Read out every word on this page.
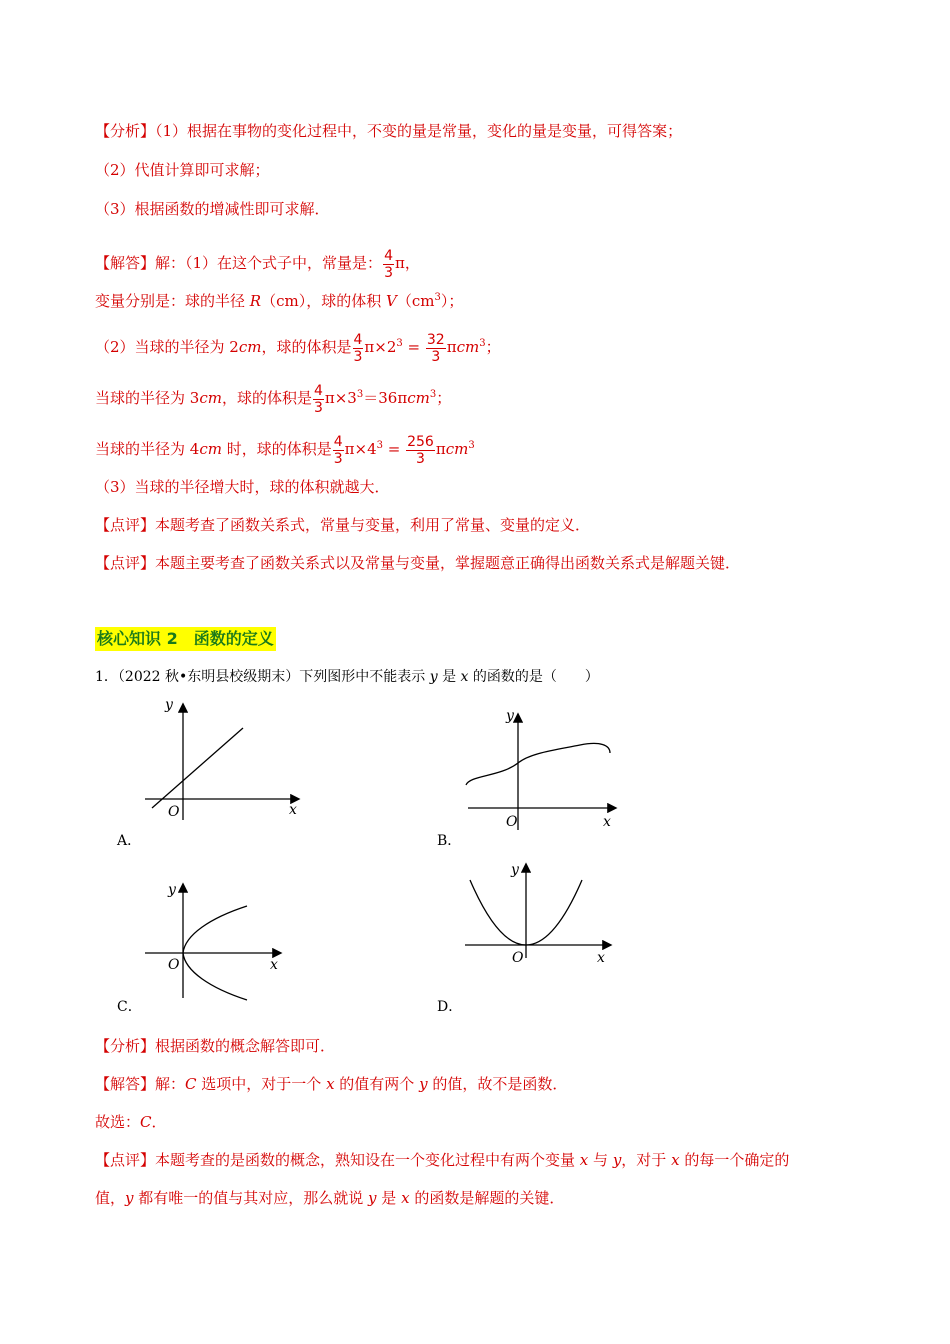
【分析】（1）根据在事物的变化过程中，不变的量是常量，变化的量是变量，可得答案；
（2）代值计算即可求解；
（3）根据函数的增减性即可求解．
【解答】解：（1）在这个式子中，常量是： $\frac{4}{3}$ π，
变量分别是：球的半径 R（cm），球的体积 $V(cm^3)$；
（2）当球的半径为 2cm，球的体积是 $\frac{4}{3} \pi\times 2^3 = \frac{32}{3} \pi cm^3$；
当球的半径为 3cm，球的体积是 $\frac{4}{3} \pi\times 3^3=36\pi cm^3$；
当球的半径为 4cm 时，球的体积是 $\frac{4}{3} \pi\times 4^3 = \frac{256}{3} \pi cm^3$
（3）当球的半径增大时，球的体积就越大．
【点评】本题考查了函数关系式，常量与变量，利用了常量、变量的定义．
【点评】本题主要考查了函数关系式以及常量与变量，掌握题意正确得出函数关系式是解题关键．
核心知识 2　函数的定义
1．（2022 秋•东明县校级期末）下列图形中不能表示 y 是 x 的函数的是（　　）
y
O	x
A．
y
O	x
B．
y
O	x
C．
y
O	x
D．
【分析】根据函数的概念解答即可．
【解答】解：C 选项中，对于一个 x 的值有两个 y 的值，故不是函数．
故选：C．
【点评】本题考查的是函数的概念，熟知设在一个变化过程中有两个变量 x 与 y，对于 x 的每一个确定的
值，y 都有唯一的值与其对应，那么就说 y 是 x 的函数是解题的关键．
